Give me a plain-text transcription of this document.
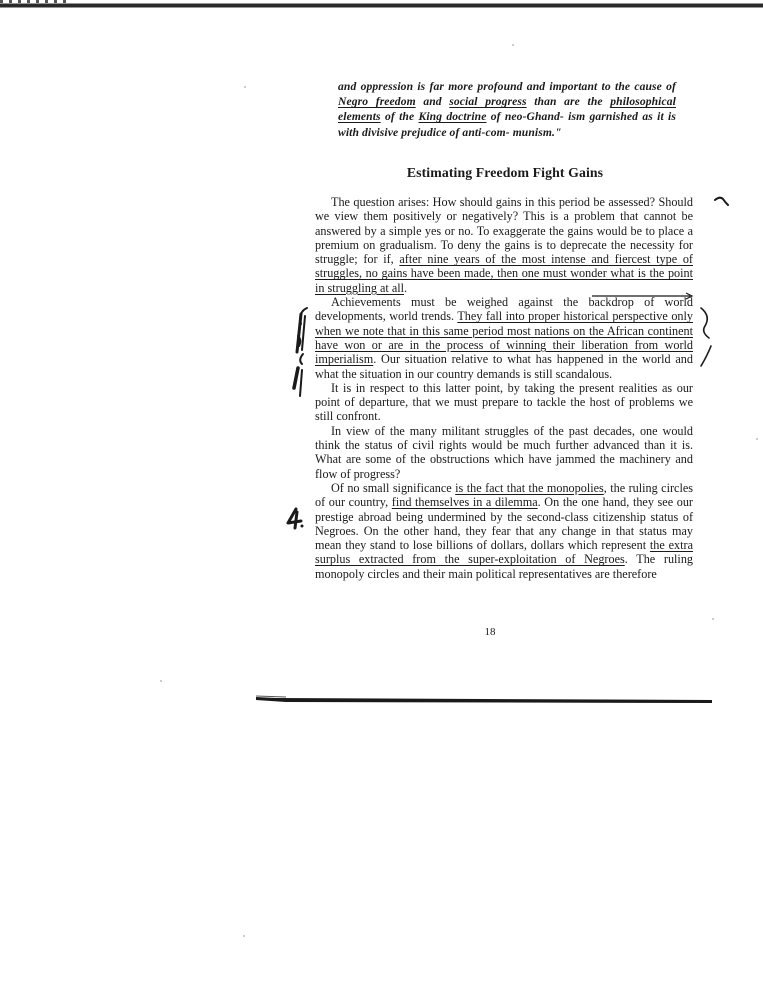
and oppression is far more profound and important to the cause of Negro freedom and social progress than are the philosophical elements of the King doctrine of neo-Ghand- ism garnished as it is with divisive prejudice of anti-com- munism."
Estimating Freedom Fight Gains

The question arises: How should gains in this period be assessed? Should we view them positively or negatively? This is a problem that cannot be answered by a simple yes or no. To exaggerate the gains would be to place a premium on gradualism. To deny the gains is to deprecate the necessity for struggle; for if, after nine years of the most intense and fiercest type of struggles, no gains have been made, then one must wonder what is the point in struggling at all.

Achievements must be weighed against the backdrop of world developments, world trends. They fall into proper historical perspective only when we note that in this same period most nations on the African continent have won or are in the process of winning their liberation from world imperialism. Our situation relative to what has happened in the world and what the situation in our country demands is still scandalous.

It is in respect to this latter point, by taking the present realities as our point of departure, that we must prepare to tackle the host of problems we still confront.

In view of the many militant struggles of the past decades, one would think the status of civil rights would be much further advanced than it is. What are some of the obstructions which have jammed the machinery and flow of progress?

Of no small significance is the fact that the monopolies, the ruling circles of our country, find themselves in a dilemma. On the one hand, they see our prestige abroad being undermined by the second-class citizenship status of Negroes. On the other hand, they fear that any change in that status may mean they stand to lose billions of dollars, dollars which represent the extra surplus extracted from the super-exploitation of Negroes. The ruling monopoly circles and their main political representatives are therefore

18
